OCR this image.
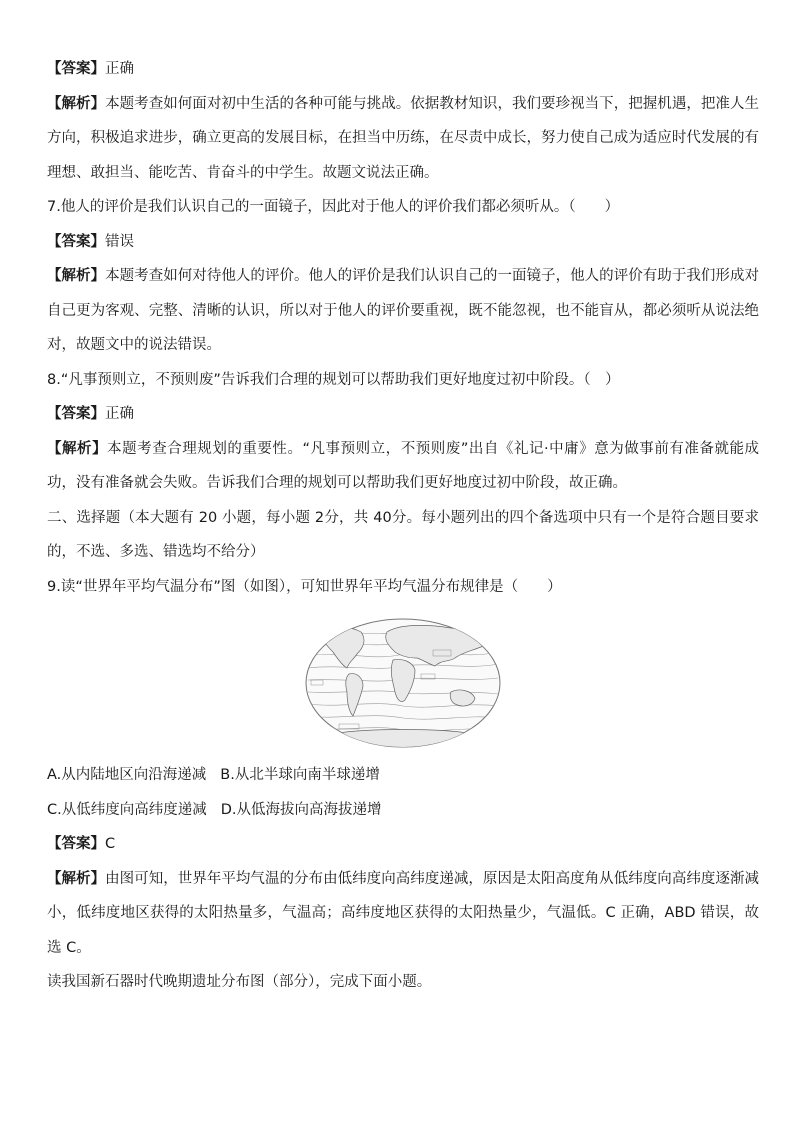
【答案】正确

【解析】本题考查如何面对初中生活的各种可能与挑战。依据教材知识，我们要珍视当下，把握机遇，把准人生方向，积极追求进步，确立更高的发展目标，在担当中历练，在尽责中成长，努力使自己成为适应时代发展的有理想、敢担当、能吃苦、肯奋斗的中学生。故题文说法正确。

7.他人的评价是我们认识自己的一面镜子，因此对于他人的评价我们都必须听从。（　　）

【答案】错误

【解析】本题考查如何对待他人的评价。他人的评价是我们认识自己的一面镜子，他人的评价有助于我们形成对自己更为客观、完整、清晰的认识，所以对于他人的评价要重视，既不能忽视，也不能盲从，都必须听从说法绝对，故题文中的说法错误。

8.“凡事预则立，不预则废”告诉我们合理的规划可以帮助我们更好地度过初中阶段。（　）

【答案】正确

【解析】本题考查合理规划的重要性。“凡事预则立，不预则废”出自《礼记·中庸》意为做事前有准备就能成功，没有准备就会失败。告诉我们合理的规划可以帮助我们更好地度过初中阶段，故正确。

二、选择题（本大题有 20 小题，每小题 2分，共 40分。每小题列出的四个备选项中只有一个是符合题目要求的，不选、多选、错选均不给分）

9.读“世界年平均气温分布”图（如图），可知世界年平均气温分布规律是（　　）

A.从内陆地区向沿海递减 B.从北半球向南半球递增

C.从低纬度向高纬度递减 D.从低海拔向高海拔递增

【答案】C

【解析】由图可知，世界年平均气温的分布由低纬度向高纬度递减，原因是太阳高度角从低纬度向高纬度逐渐减小，低纬度地区获得的太阳热量多，气温高；高纬度地区获得的太阳热量少，气温低。C 正确，ABD 错误，故选 C。

读我国新石器时代晚期遗址分布图（部分），完成下面小题。
